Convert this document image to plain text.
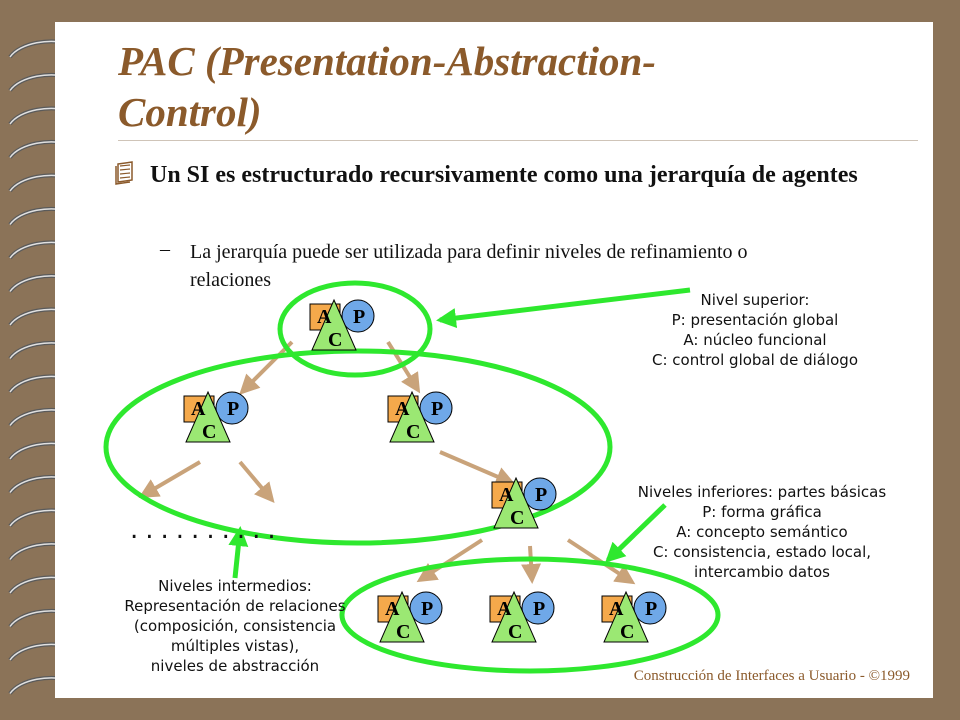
PAC (Presentation-Abstraction-
Control)
Un SI es estructurado recursivamente como una jerarquía de agentes
– La jerarquía puede ser utilizada para definir niveles de refinamiento o relaciones
A P
C
A P
C
A P
C
A P
C
A P
C
A P
C
A P
C
..........
Nivel superior:
P: presentación global
A: núcleo funcional
C: control global de diálogo
Niveles inferiores: partes básicas
P: forma gráfica
A: concepto semántico
C: consistencia, estado local,
intercambio datos
Niveles intermedios:
Representación de relaciones
(composición, consistencia
múltiples vistas),
niveles de abstracción
Construcción de Interfaces a Usuario - ©1999
